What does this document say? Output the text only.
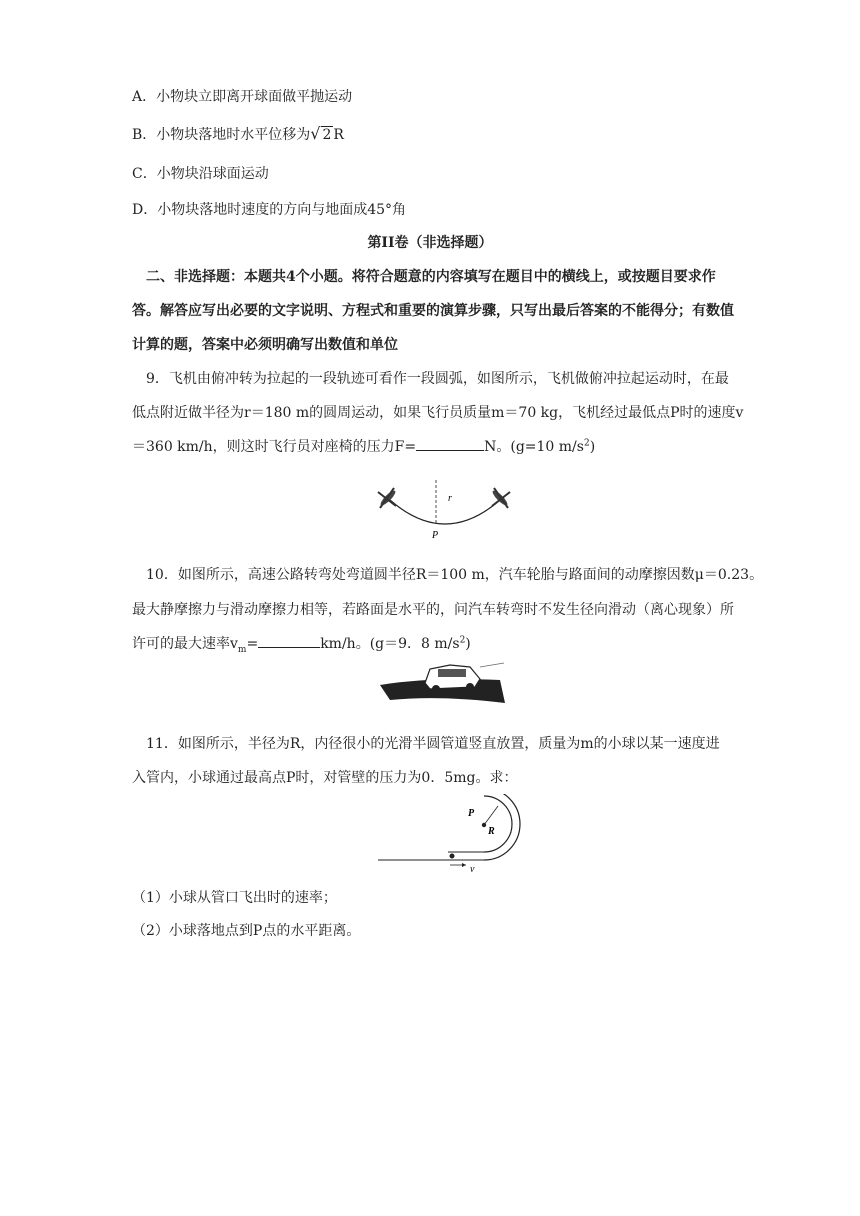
A．小物块立即离开球面做平抛运动
B．小物块落地时水平位移为√ 2 R
C．小物块沿球面运动
D．小物块落地时速度的方向与地面成45°角
第II卷（非选择题）
二、非选择题：本题共4个小题。将符合题意的内容填写在题目中的横线上，或按题目要求作
答。解答应写出必要的文字说明、方程式和重要的演算步骤，只写出最后答案的不能得分；有数值
计算的题，答案中必须明确写出数值和单位
9．飞机由俯冲转为拉起的一段轨迹可看作一段圆弧，如图所示，飞机做俯冲拉起运动时，在最
低点附近做半径为r＝180 m的圆周运动，如果飞行员质量m＝70 kg，飞机经过最低点P时的速度v
＝360 km/h，则这时飞行员对座椅的压力F=	N。(g=10 $m/s^2$)
r
P
10．如图所示，高速公路转弯处弯道圆半径R＝100 m，汽车轮胎与路面间的动摩擦因数μ＝0.23。
最大静摩擦力与滑动摩擦力相等，若路面是水平的，问汽车转弯时不发生径向滑动（离心现象）所
许可的最大速率$v_m=$	km/h。(g＝9．8 $m/s^2$)
11．如图所示，半径为R，内径很小的光滑半圆管道竖直放置，质量为m的小球以某一速度进
入管内，小球通过最高点P时，对管壁的压力为0．5mg。求：
P
R
v
（1）小球从管口飞出时的速率；
（2）小球落地点到P点的水平距离。
